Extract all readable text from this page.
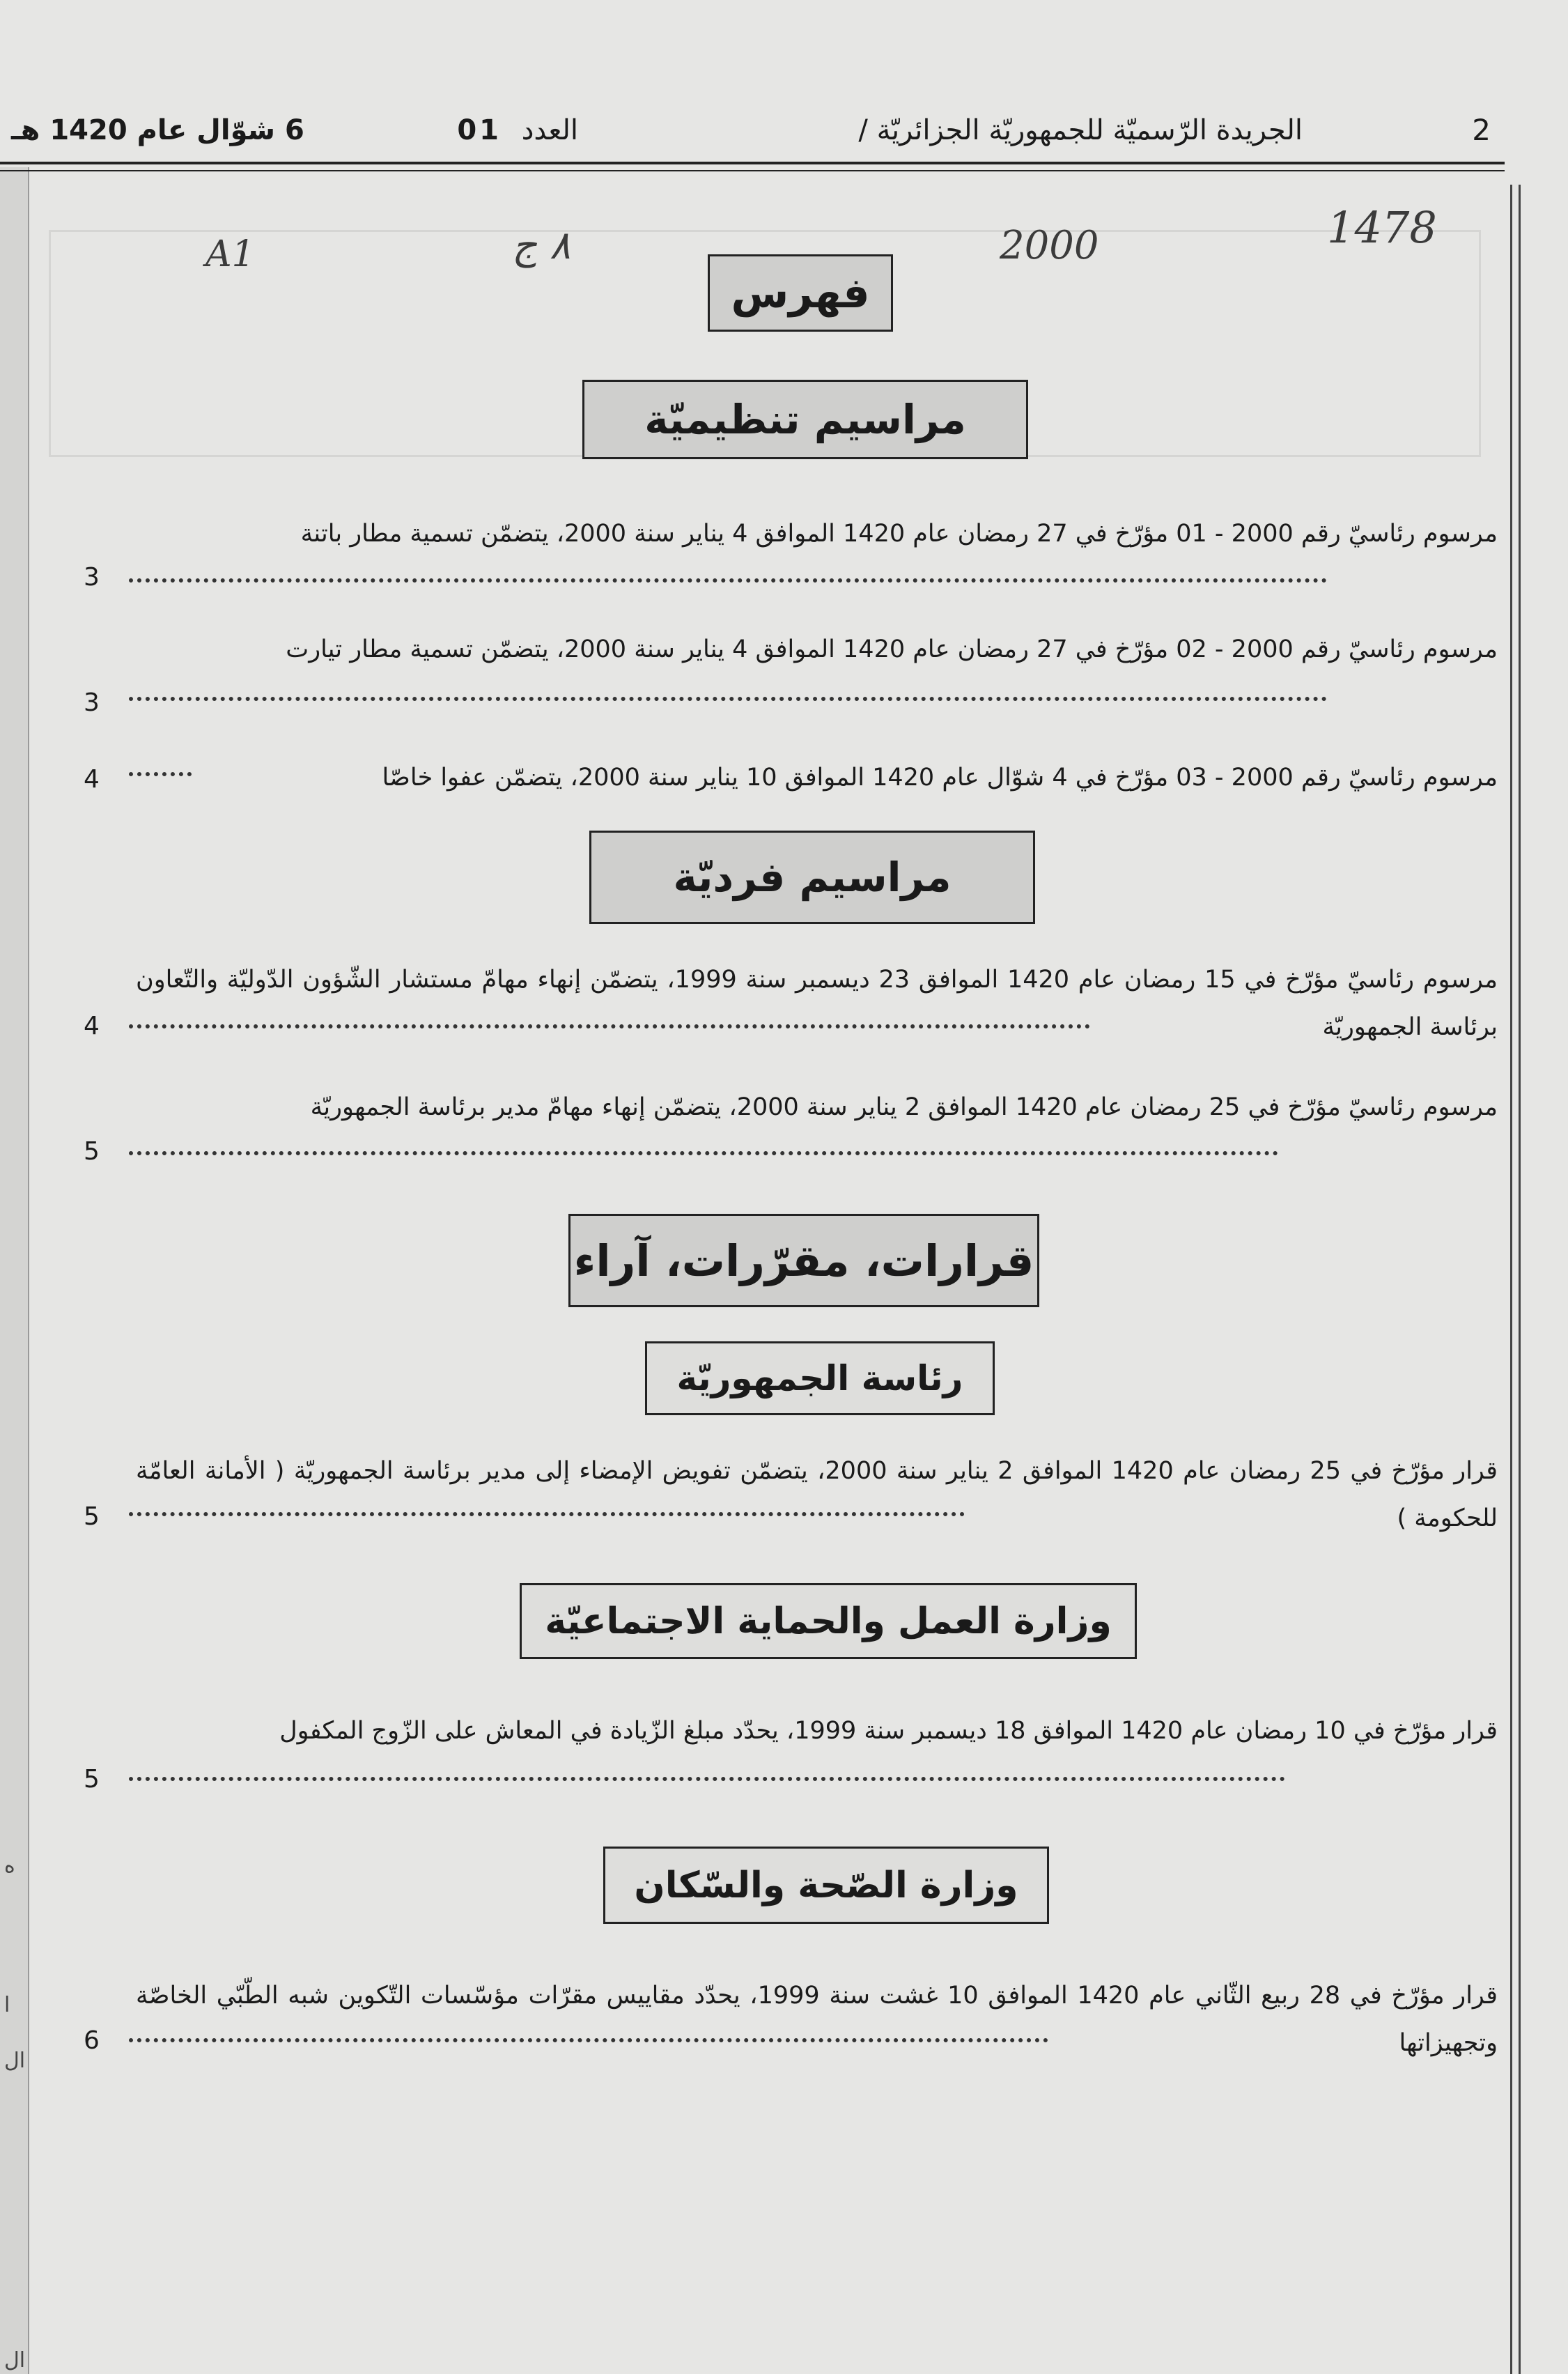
ه
ا
ال
ال
2
الجريدة الرّسميّة للجمهوريّة الجزائريّة /
العدد
01
6 شوّال عام 1420 هـ
1478
2000
٨ ج
A1
فهرس
مراسيم تنظيميّة
مرسوم رئاسيّ رقم 2000 - 01 مؤرّخ في 27 رمضان عام 1420 الموافق 4 يناير سنة 2000، يتضمّن تسمية مطار باتنة
3
مرسوم رئاسيّ رقم 2000 - 02 مؤرّخ في 27 رمضان عام 1420 الموافق 4 يناير سنة 2000، يتضمّن تسمية مطار تيارت
3
مرسوم رئاسيّ رقم 2000 - 03 مؤرّخ في 4 شوّال عام 1420 الموافق 10 يناير سنة 2000، يتضمّن عفوا خاصّا
4
مراسيم فرديّة
مرسوم رئاسيّ مؤرّخ في 15 رمضان عام 1420 الموافق 23 ديسمبر سنة 1999، يتضمّن إنهاء مهامّ مستشار الشّؤون الدّوليّة والتّعاون برئاسة الجمهوريّة
4
مرسوم رئاسيّ مؤرّخ في 25 رمضان عام 1420 الموافق 2 يناير سنة 2000، يتضمّن إنهاء مهامّ مدير برئاسة الجمهوريّة
5
قرارات، مقرّرات، آراء
رئاسة الجمهوريّة
قرار مؤرّخ في 25 رمضان عام 1420 الموافق 2 يناير سنة 2000، يتضمّن تفويض الإمضاء إلى مدير برئاسة الجمهوريّة ( الأمانة العامّة للحكومة )
5
وزارة العمل والحماية الاجتماعيّة
قرار مؤرّخ في 10 رمضان عام 1420 الموافق 18 ديسمبر سنة 1999، يحدّد مبلغ الزّيادة في المعاش على الزّوج المكفول
5
وزارة الصّحة والسّكان
قرار مؤرّخ في 28 ربيع الثّاني عام 1420 الموافق 10 غشت سنة 1999، يحدّد مقاييس مقرّات مؤسّسات التّكوين شبه الطّبّي الخاصّة وتجهيزاتها
6
